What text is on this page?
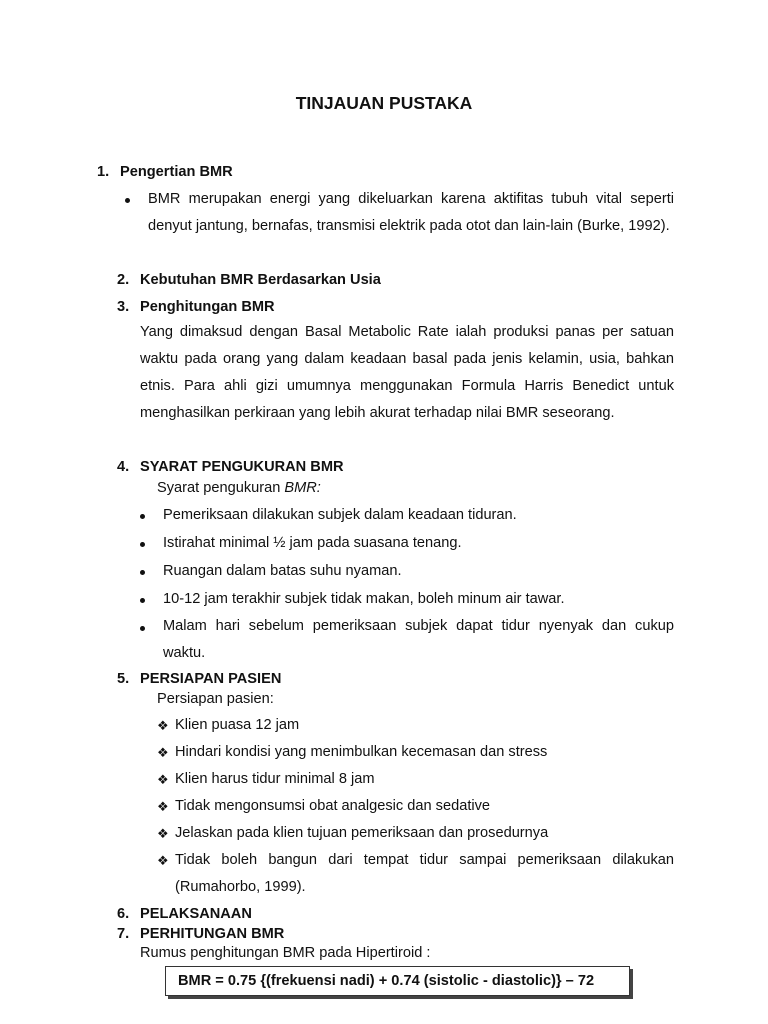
TINJAUAN PUSTAKA
1. Pengertian BMR
BMR merupakan energi yang dikeluarkan karena aktifitas tubuh vital seperti denyut jantung, bernafas, transmisi elektrik pada otot dan lain-lain (Burke, 1992).
2. Kebutuhan BMR Berdasarkan Usia
3. Penghitungan BMR
Yang dimaksud dengan Basal Metabolic Rate ialah produksi panas per satuan waktu pada orang yang dalam keadaan basal pada jenis kelamin, usia, bahkan etnis. Para ahli gizi umumnya menggunakan Formula Harris Benedict untuk menghasilkan perkiraan yang lebih akurat terhadap nilai BMR seseorang.
4. SYARAT PENGUKURAN BMR
Syarat pengukuran BMR:
Pemeriksaan dilakukan subjek dalam keadaan tiduran.
Istirahat minimal ½ jam pada suasana tenang.
Ruangan dalam batas suhu nyaman.
10-12 jam terakhir subjek tidak makan, boleh minum air tawar.
Malam hari sebelum pemeriksaan subjek dapat tidur nyenyak dan cukup waktu.
5. PERSIAPAN PASIEN
Persiapan pasien:
❖ Klien puasa 12 jam
❖ Hindari kondisi yang menimbulkan kecemasan dan stress
❖ Klien harus tidur minimal 8 jam
❖ Tidak mengonsumsi obat analgesic dan sedative
❖ Jelaskan pada klien tujuan pemeriksaan dan prosedurnya
❖ Tidak boleh bangun dari tempat tidur sampai pemeriksaan dilakukan (Rumahorbo, 1999).
6. PELAKSANAAN
7. PERHITUNGAN BMR
Rumus penghitungan BMR pada Hipertiroid :
BMR = 0.75 {(frekuensi nadi) + 0.74 (sistolic - diastolic)} – 72
